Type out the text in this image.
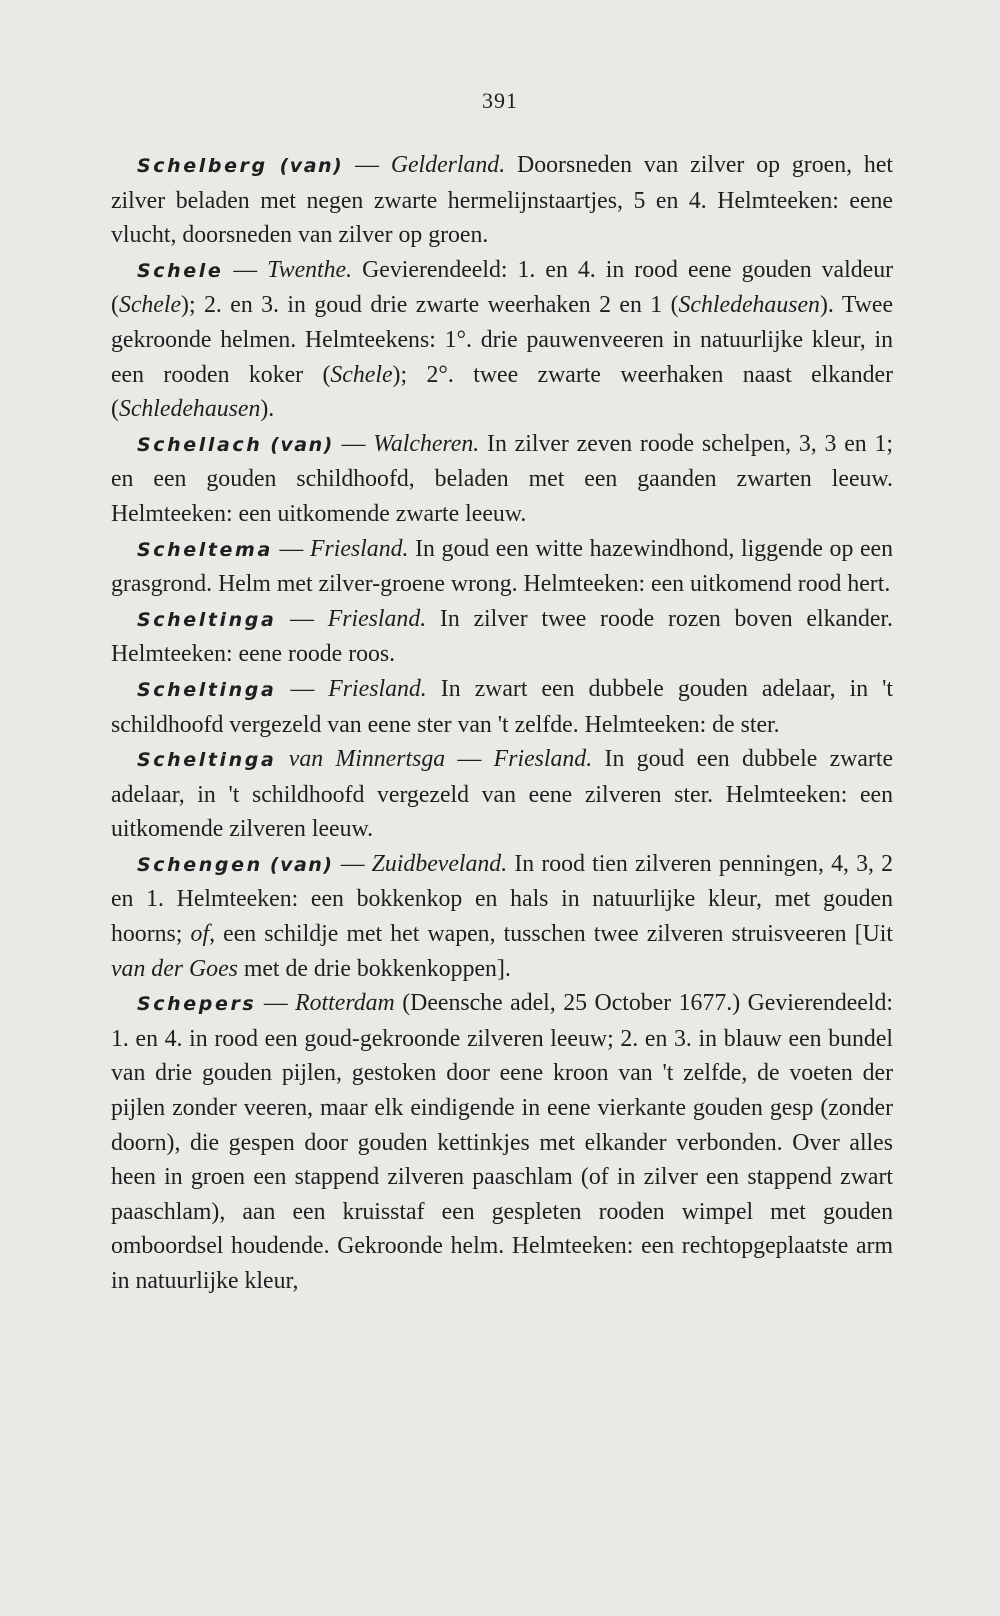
391

Schelberg (van) — Gelderland. Doorsneden van zilver op groen, het zilver beladen met negen zwarte hermelijnstaartjes, 5 en 4. Helmteeken: eene vlucht, doorsneden van zilver op groen.

Schele — Twenthe. Gevierendeeld: 1. en 4. in rood eene gouden valdeur (Schele); 2. en 3. in goud drie zwarte weerhaken 2 en 1 (Schledehausen). Twee gekroonde helmen. Helmteekens: 1°. drie pauwenveeren in natuurlijke kleur, in een rooden koker (Schele); 2°. twee zwarte weerhaken naast elkander (Schledehausen).

Schellach (van) — Walcheren. In zilver zeven roode schelpen, 3, 3 en 1; en een gouden schildhoofd, beladen met een gaanden zwarten leeuw. Helmteeken: een uitkomende zwarte leeuw.

Scheltema — Friesland. In goud een witte hazewindhond, liggende op een grasgrond. Helm met zilver-groene wrong. Helmteeken: een uitkomend rood hert.

Scheltinga — Friesland. In zilver twee roode rozen boven elkander. Helmteeken: eene roode roos.

Scheltinga — Friesland. In zwart een dubbele gouden adelaar, in 't schildhoofd vergezeld van eene ster van 't zelfde. Helmteeken: de ster.

Scheltinga van Minnertsga — Friesland. In goud een dubbele zwarte adelaar, in 't schildhoofd vergezeld van eene zilveren ster. Helmteeken: een uitkomende zilveren leeuw.

Schengen (van) — Zuidbeveland. In rood tien zilveren penningen, 4, 3, 2 en 1. Helmteeken: een bokkenkop en hals in natuurlijke kleur, met gouden hoorns; of, een schildje met het wapen, tusschen twee zilveren struisveeren [Uit van der Goes met de drie bokkenkoppen].

Schepers — Rotterdam (Deensche adel, 25 October 1677.) Gevierendeeld: 1. en 4. in rood een goud-gekroonde zilveren leeuw; 2. en 3. in blauw een bundel van drie gouden pijlen, gestoken door eene kroon van 't zelfde, de voeten der pijlen zonder veeren, maar elk eindigende in eene vierkante gouden gesp (zonder doorn), die gespen door gouden kettinkjes met elkander verbonden. Over alles heen in groen een stappend zilveren paaschlam (of in zilver een stappend zwart paaschlam), aan een kruisstaf een gespleten rooden wimpel met gouden omboordsel houdende. Gekroonde helm. Helmteeken: een rechtopgeplaatste arm in natuurlijke kleur,
